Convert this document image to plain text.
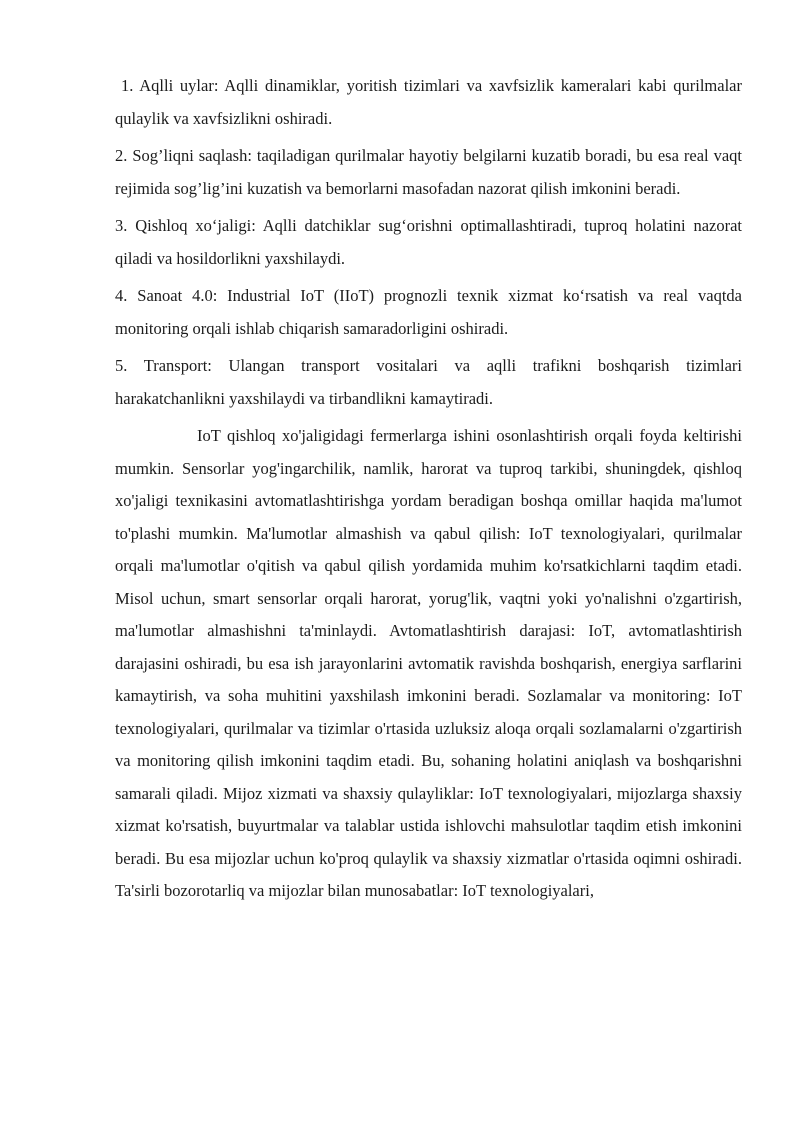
1. Aqlli uylar: Aqlli dinamiklar, yoritish tizimlari va xavfsizlik kameralari kabi qurilmalar qulaylik va xavfsizlikni oshiradi.

2. Sog’liqni saqlash: taqiladigan qurilmalar hayotiy belgilarni kuzatib boradi, bu esa real vaqt rejimida sog’lig’ini kuzatish va bemorlarni masofadan nazorat qilish imkonini beradi.

3. Qishloq xo‘jaligi: Aqlli datchiklar sug‘orishni optimallashtiradi, tuproq holatini nazorat qiladi va hosildorlikni yaxshilaydi.

4. Sanoat 4.0: Industrial IoT (IIoT) prognozli texnik xizmat ko‘rsatish va real vaqtda monitoring orqali ishlab chiqarish samaradorligini oshiradi.

5. Transport: Ulangan transport vositalari va aqlli trafikni boshqarish tizimlari harakatchanlikni yaxshilaydi va tirbandlikni kamaytiradi.

IoT qishloq xo'jaligidagi fermerlarga ishini osonlashtirish orqali foyda keltirishi mumkin. Sensorlar yog'ingarchilik, namlik, harorat va tuproq tarkibi, shuningdek, qishloq xo'jaligi texnikasini avtomatlashtirishga yordam beradigan boshqa omillar haqida ma'lumot to'plashi mumkin. Ma'lumotlar almashish va qabul qilish: IoT texnologiyalari, qurilmalar orqali ma'lumotlar o'qitish va qabul qilish yordamida muhim ko'rsatkichlarni taqdim etadi. Misol uchun, smart sensorlar orqali harorat, yorug'lik, vaqtni yoki yo'nalishni o'zgartirish, ma'lumotlar almashishni ta'minlaydi. Avtomatlashtirish darajasi: IoT, avtomatlashtirish darajasini oshiradi, bu esa ish jarayonlarini avtomatik ravishda boshqarish, energiya sarflarini kamaytirish, va soha muhitini yaxshilash imkonini beradi. Sozlamalar va monitoring: IoT texnologiyalari, qurilmalar va tizimlar o'rtasida uzluksiz aloqa orqali sozlamalarni o'zgartirish va monitoring qilish imkonini taqdim etadi. Bu, sohaning holatini aniqlash va boshqarishni samarali qiladi. Mijoz xizmati va shaxsiy qulayliklar: IoT texnologiyalari, mijozlarga shaxsiy xizmat ko'rsatish, buyurtmalar va talablar ustida ishlovchi mahsulotlar taqdim etish imkonini beradi. Bu esa mijozlar uchun ko'proq qulaylik va shaxsiy xizmatlar o'rtasida oqimni oshiradi. Ta'sirli bozorotarliq va mijozlar bilan munosabatlar: IoT texnologiyalari,
